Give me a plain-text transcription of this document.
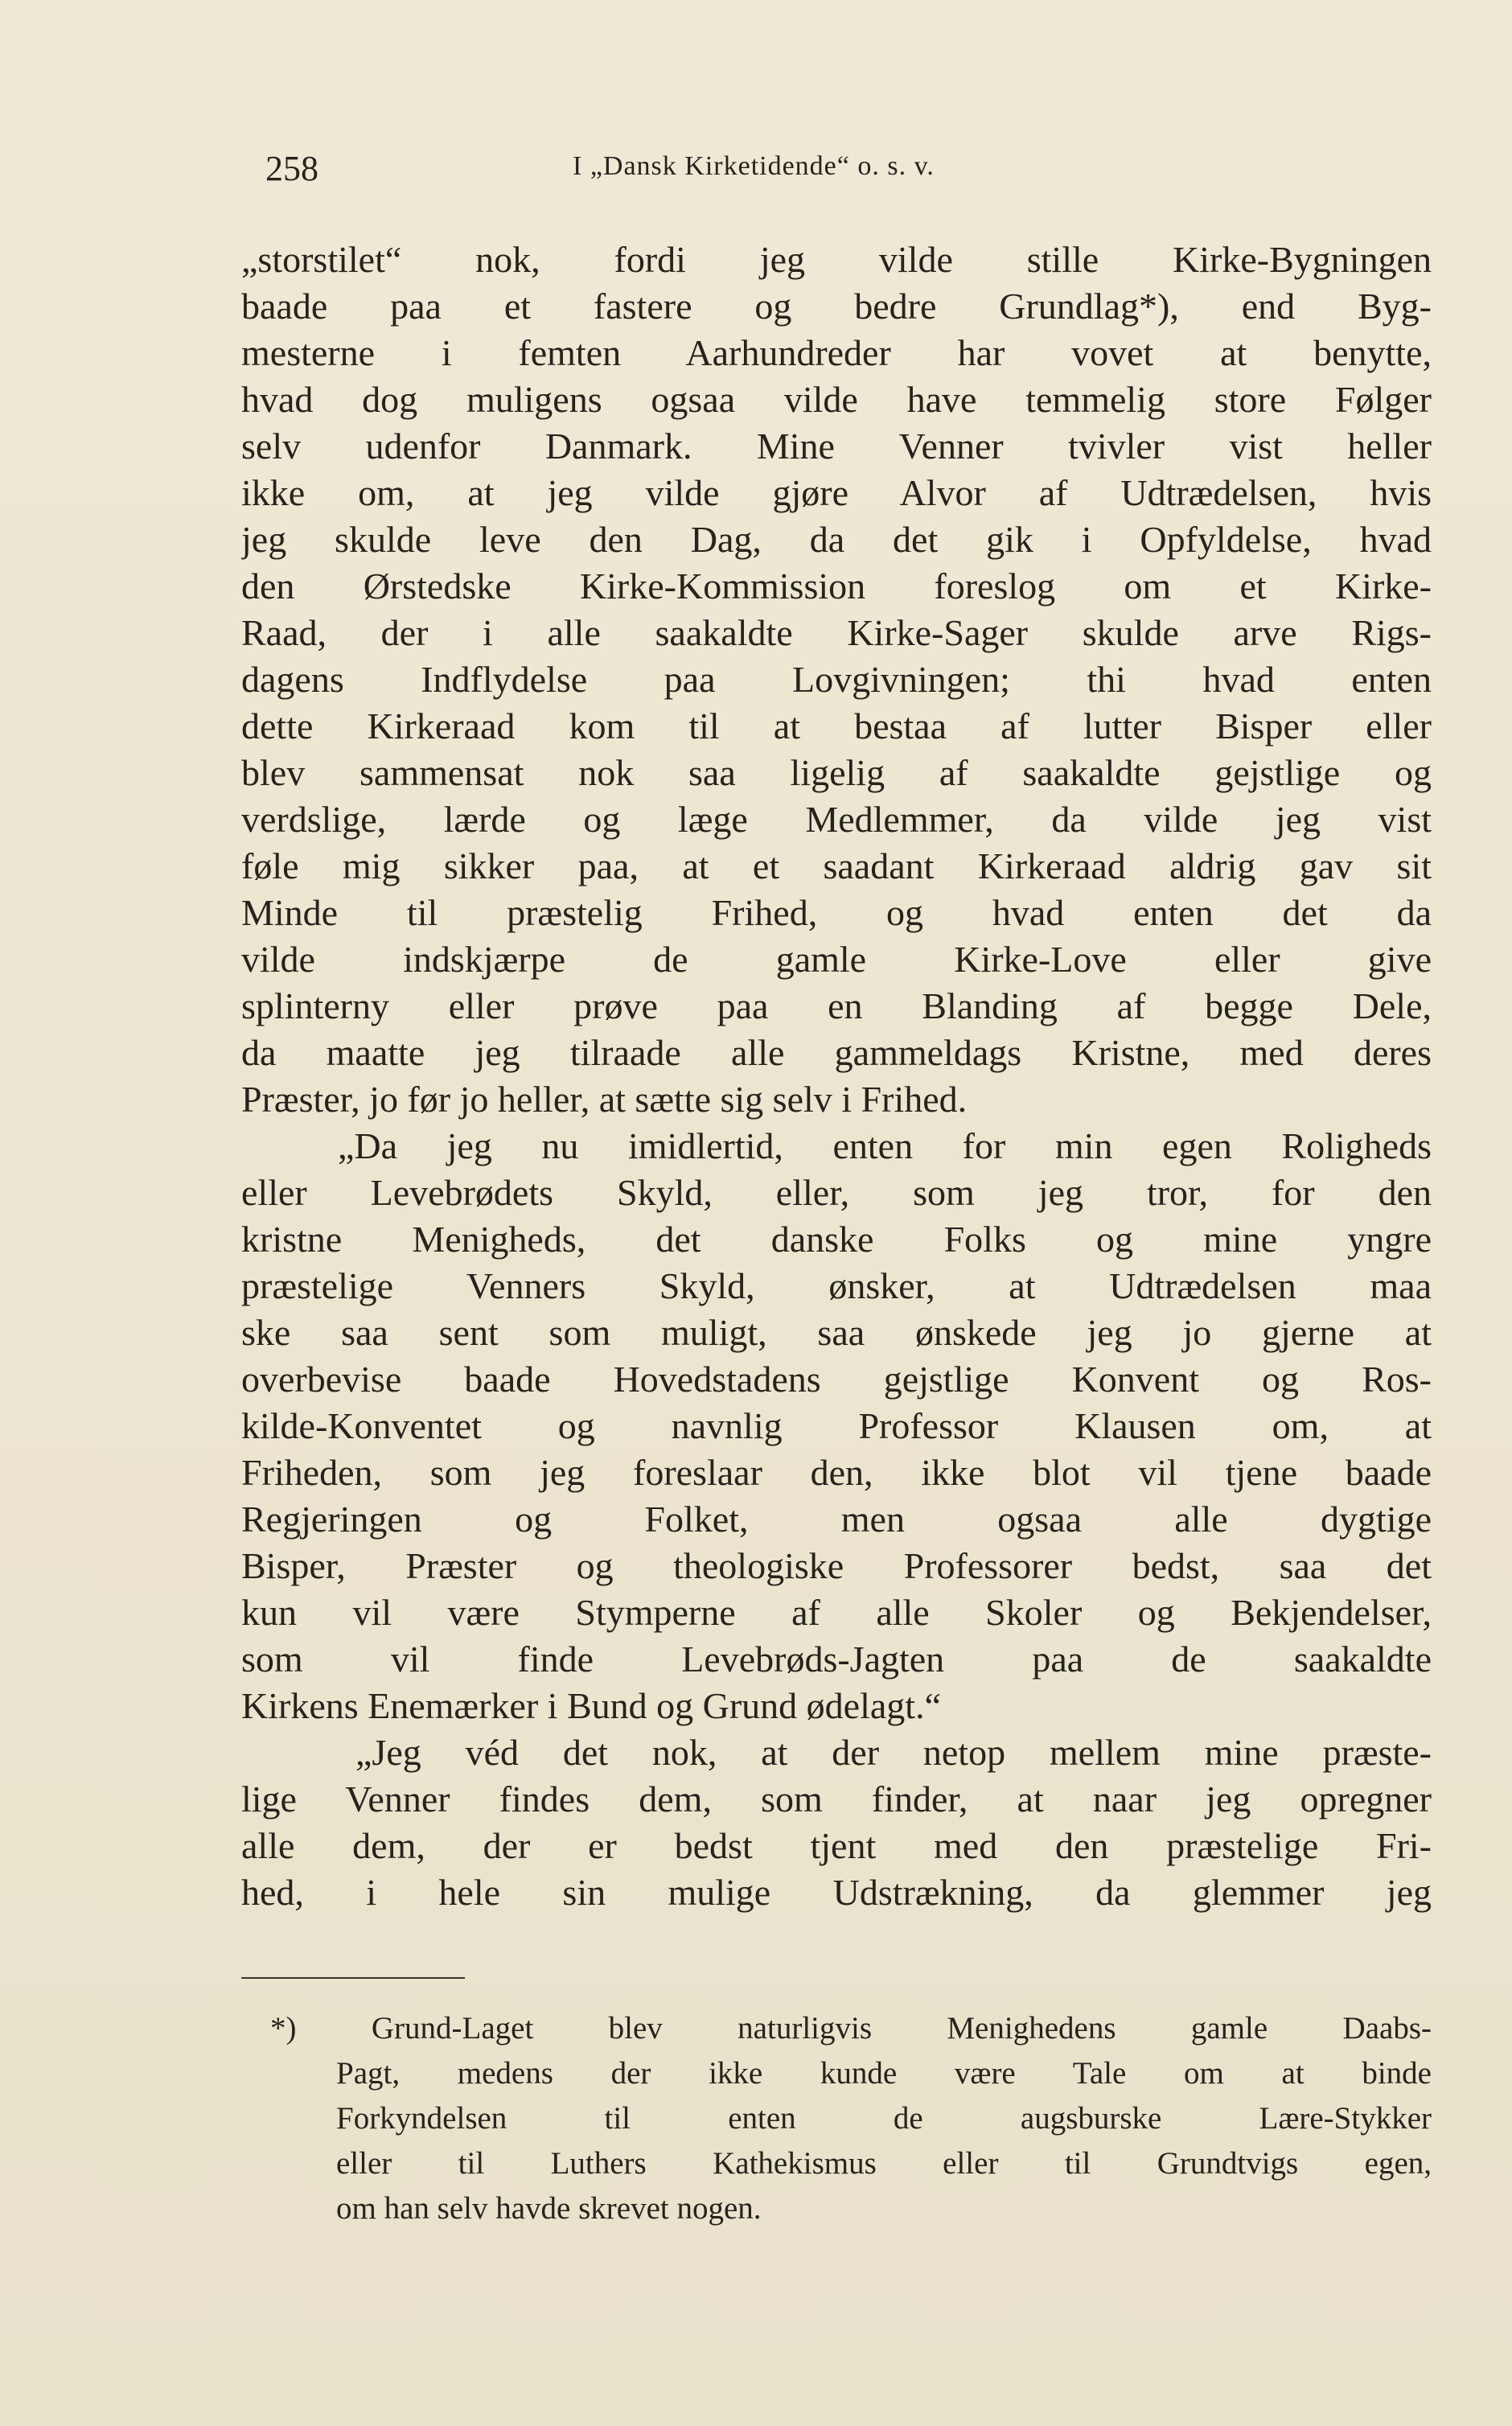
258	I „Dansk Kirketidende“ o. s. v.
„storstilet“ nok, fordi jeg vilde stille Kirke-Bygningen
baade paa et fastere og bedre Grundlag*), end Byg-
mesterne i femten Aarhundreder har vovet at benytte,
hvad dog muligens ogsaa vilde have temmelig store Følger
selv udenfor Danmark. Mine Venner tvivler vist heller
ikke om, at jeg vilde gjøre Alvor af Udtrædelsen, hvis
jeg skulde leve den Dag, da det gik i Opfyldelse, hvad
den Ørstedske Kirke-Kommission foreslog om et Kirke-
Raad, der i alle saakaldte Kirke-Sager skulde arve Rigs-
dagens Indflydelse paa Lovgivningen; thi hvad enten
dette Kirkeraad kom til at bestaa af lutter Bisper eller
blev sammensat nok saa ligelig af saakaldte gejstlige og
verdslige, lærde og læge Medlemmer, da vilde jeg vist
føle mig sikker paa, at et saadant Kirkeraad aldrig gav sit
Minde til præstelig Frihed, og hvad enten det da
vilde indskjærpe de gamle Kirke-Love eller give
splinterny eller prøve paa en Blanding af begge Dele,
da maatte jeg tilraade alle gammeldags Kristne, med deres
Præster, jo før jo heller, at sætte sig selv i Frihed.
„Da jeg nu imidlertid, enten for min egen Roligheds
eller Levebrødets Skyld, eller, som jeg tror, for den
kristne Menigheds, det danske Folks og mine yngre
præstelige Venners Skyld, ønsker, at Udtrædelsen maa
ske saa sent som muligt, saa ønskede jeg jo gjerne at
overbevise baade Hovedstadens gejstlige Konvent og Ros-
kilde-Konventet og navnlig Professor Klausen om, at
Friheden, som jeg foreslaar den, ikke blot vil tjene baade
Regjeringen og Folket, men ogsaa alle dygtige
Bisper, Præster og theologiske Professorer bedst, saa det
kun vil være Stymperne af alle Skoler og Bekjendelser,
som vil finde Levebrøds-Jagten paa de saakaldte
Kirkens Enemærker i Bund og Grund ødelagt.“
„Jeg véd det nok, at der netop mellem mine præste-
lige Venner findes dem, som finder, at naar jeg opregner
alle dem, der er bedst tjent med den præstelige Fri-
hed, i hele sin mulige Udstrækning, da glemmer jeg
*) Grund-Laget blev naturligvis Menighedens gamle Daabs-
Pagt, medens der ikke kunde være Tale om at binde
Forkyndelsen til enten de augsburske Lære-Stykker
eller til Luthers Kathekismus eller til Grundtvigs egen,
om han selv havde skrevet nogen.
